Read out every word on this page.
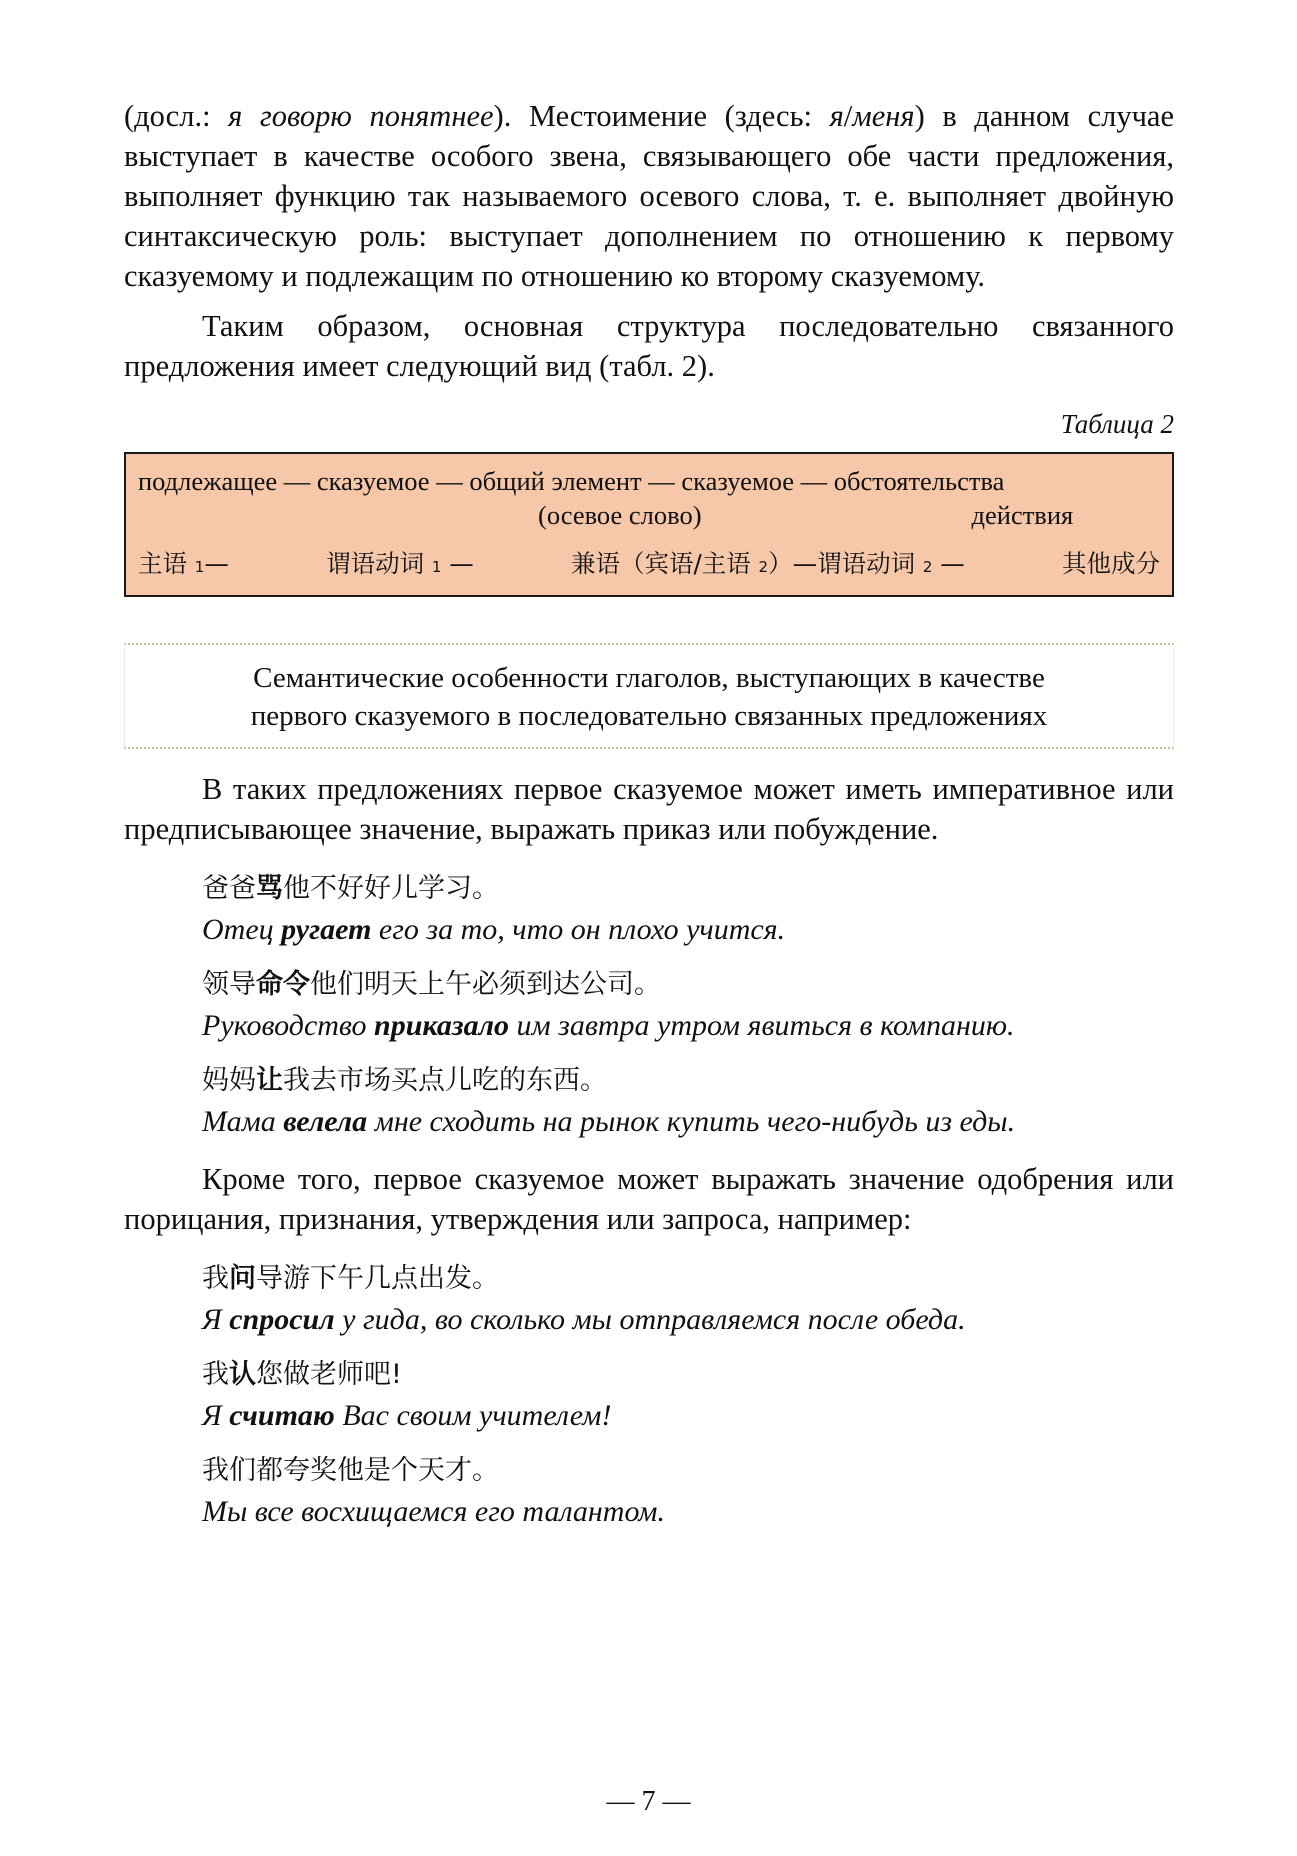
(досл.: я говорю понятнее). Местоимение (здесь: я/меня) в данном случае выступает в качестве особого звена, связывающего обе части предложения, выполняет функцию так называемого осевого слова, т. е. выполняет двойную синтаксическую роль: выступает дополнением по отношению к первому сказуемому и подлежащим по отношению ко второму сказуемому.

Таким образом, основная структура последовательно связанного предложения имеет следующий вид (табл. 2).

Таблица 2
подлежащее — сказуемое — общий элемент — сказуемое — обстоятельства
(осевое слово)	действия
主语 1—	谓语动词 1 —	兼语（宾语/主语 2）—谓语动词 2 —	其他成分
Семантические особенности глаголов, выступающих в качестве
первого сказуемого в последовательно связанных предложениях

В таких предложениях первое сказуемое может иметь императивное или предписывающее значение, выражать приказ или побуждение.

爸爸骂他不好好儿学习。
Отец ругает его за то, что он плохо учится.
领导命令他们明天上午必须到达公司。
Руководство приказало им завтра утром явиться в компанию.
妈妈让我去市场买点儿吃的东西。
Мама велела мне сходить на рынок купить чего-нибудь из еды.

Кроме того, первое сказуемое может выражать значение одобрения или порицания, признания, утверждения или запроса, например:

我问导游下午几点出发。
Я спросил у гида, во сколько мы отправляемся после обеда.
我认您做老师吧!
Я считаю Вас своим учителем!
我们都夸奖他是个天才。
Мы все восхищаемся его талантом.
— 7 —
